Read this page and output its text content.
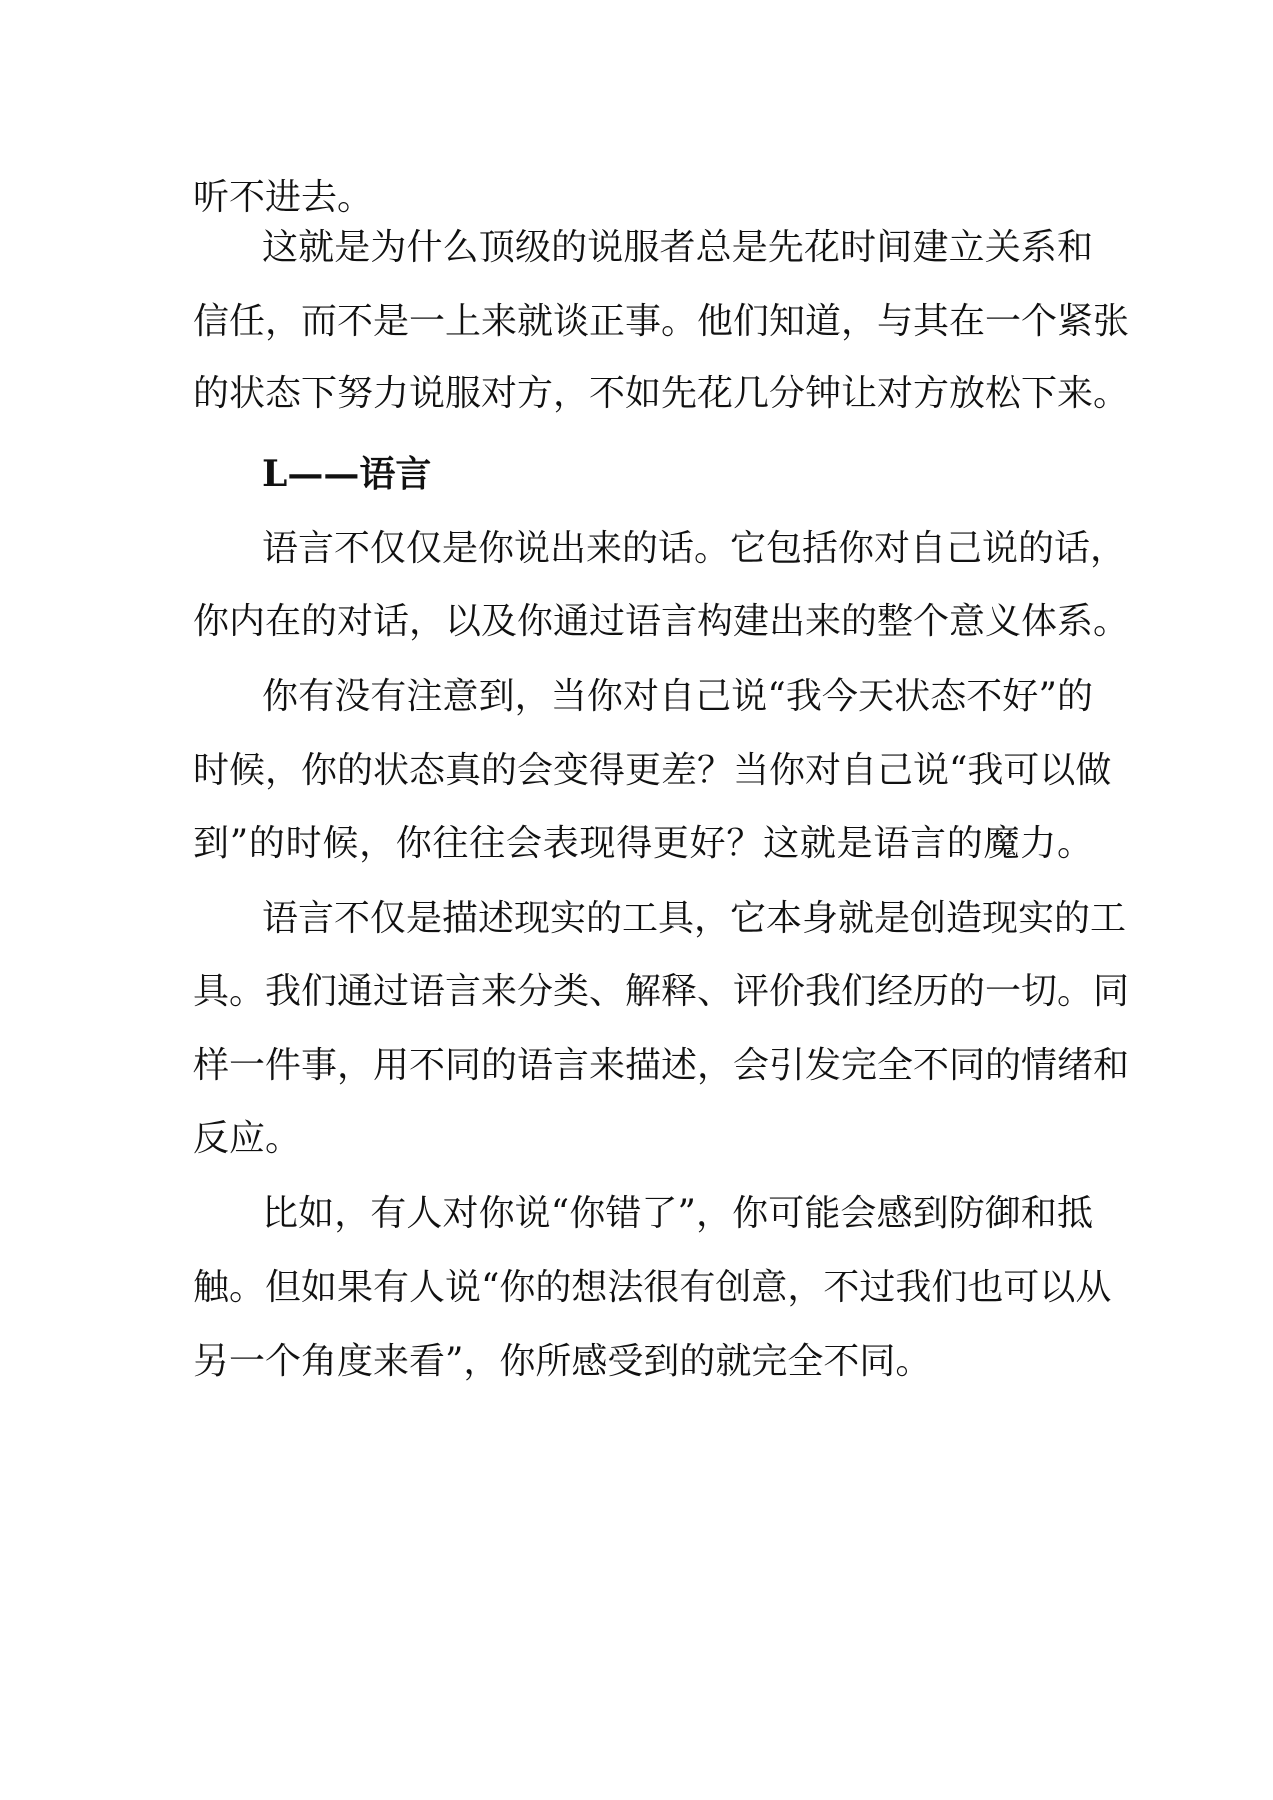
听不进去。
这就是为什么顶级的说服者总是先花时间建立关系和
信任，而不是一上来就谈正事。他们知道，与其在一个紧张
的状态下努力说服对方，不如先花几分钟让对方放松下来。
L——语言
语言不仅仅是你说出来的话。它包括你对自己说的话，
你内在的对话，以及你通过语言构建出来的整个意义体系。
你有没有注意到，当你对自己说“我今天状态不好”的
时候，你的状态真的会变得更差？当你对自己说“我可以做
到”的时候，你往往会表现得更好？这就是语言的魔力。
语言不仅是描述现实的工具，它本身就是创造现实的工
具。我们通过语言来分类、解释、评价我们经历的一切。同
样一件事，用不同的语言来描述，会引发完全不同的情绪和
反应。
比如，有人对你说“你错了”，你可能会感到防御和抵
触。但如果有人说“你的想法很有创意，不过我们也可以从
另一个角度来看”，你所感受到的就完全不同。
